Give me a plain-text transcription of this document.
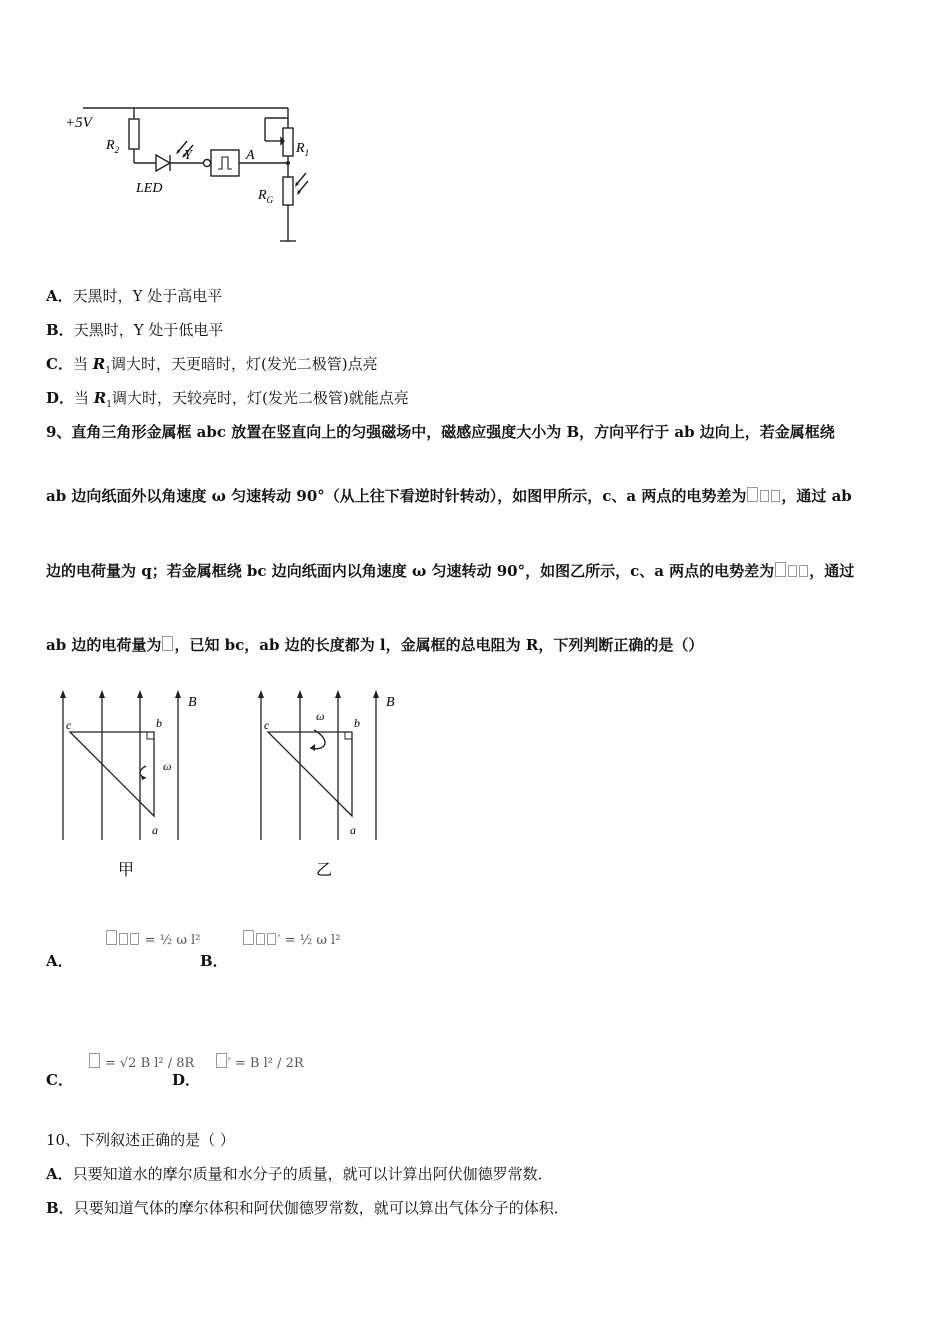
+5V
$R_2$
LED
Y	A	$R_1$
$R_G$
A．天黑时，Y 处于高电平
B．天黑时，Y 处于低电平
C．当 $R_1$调大时，天更暗时，灯(发光二极管)点亮
D．当 $R_1$调大时，天较亮时，灯(发光二极管)就能点亮
9、直角三角形金属框 abc 放置在竖直向上的匀强磁场中，磁感应强度大小为 B，方向平行于 ab 边向上，若金属框绕
ab 边向纸面外以角速度 ω 匀速转动 90°（从上往下看逆时针转动），如图甲所示，c、a 两点的电势差为 ，通过 ab
边的电荷量为 q；若金属框绕 bc 边向纸面内以角速度 ω 匀速转动 90°，如图乙所示，c、a 两点的电势差为 ，通过
ab 边的电荷量为 ，已知 bc，ab 边的长度都为 l，金属框的总电阻为 R，下列判断正确的是（）
B
c	b
a
ω
甲
B
c	b
a
ω
乙
A．  = ½ ω l²
B． ′ = ½ ω l²
C．  = √2 B l² / 8R
D． ′ = B l² / 2R
10、下列叙述正确的是（ ）
A．只要知道水的摩尔质量和水分子的质量，就可以计算出阿伏伽德罗常数．
B．只要知道气体的摩尔体积和阿伏伽德罗常数，就可以算出气体分子的体积．
